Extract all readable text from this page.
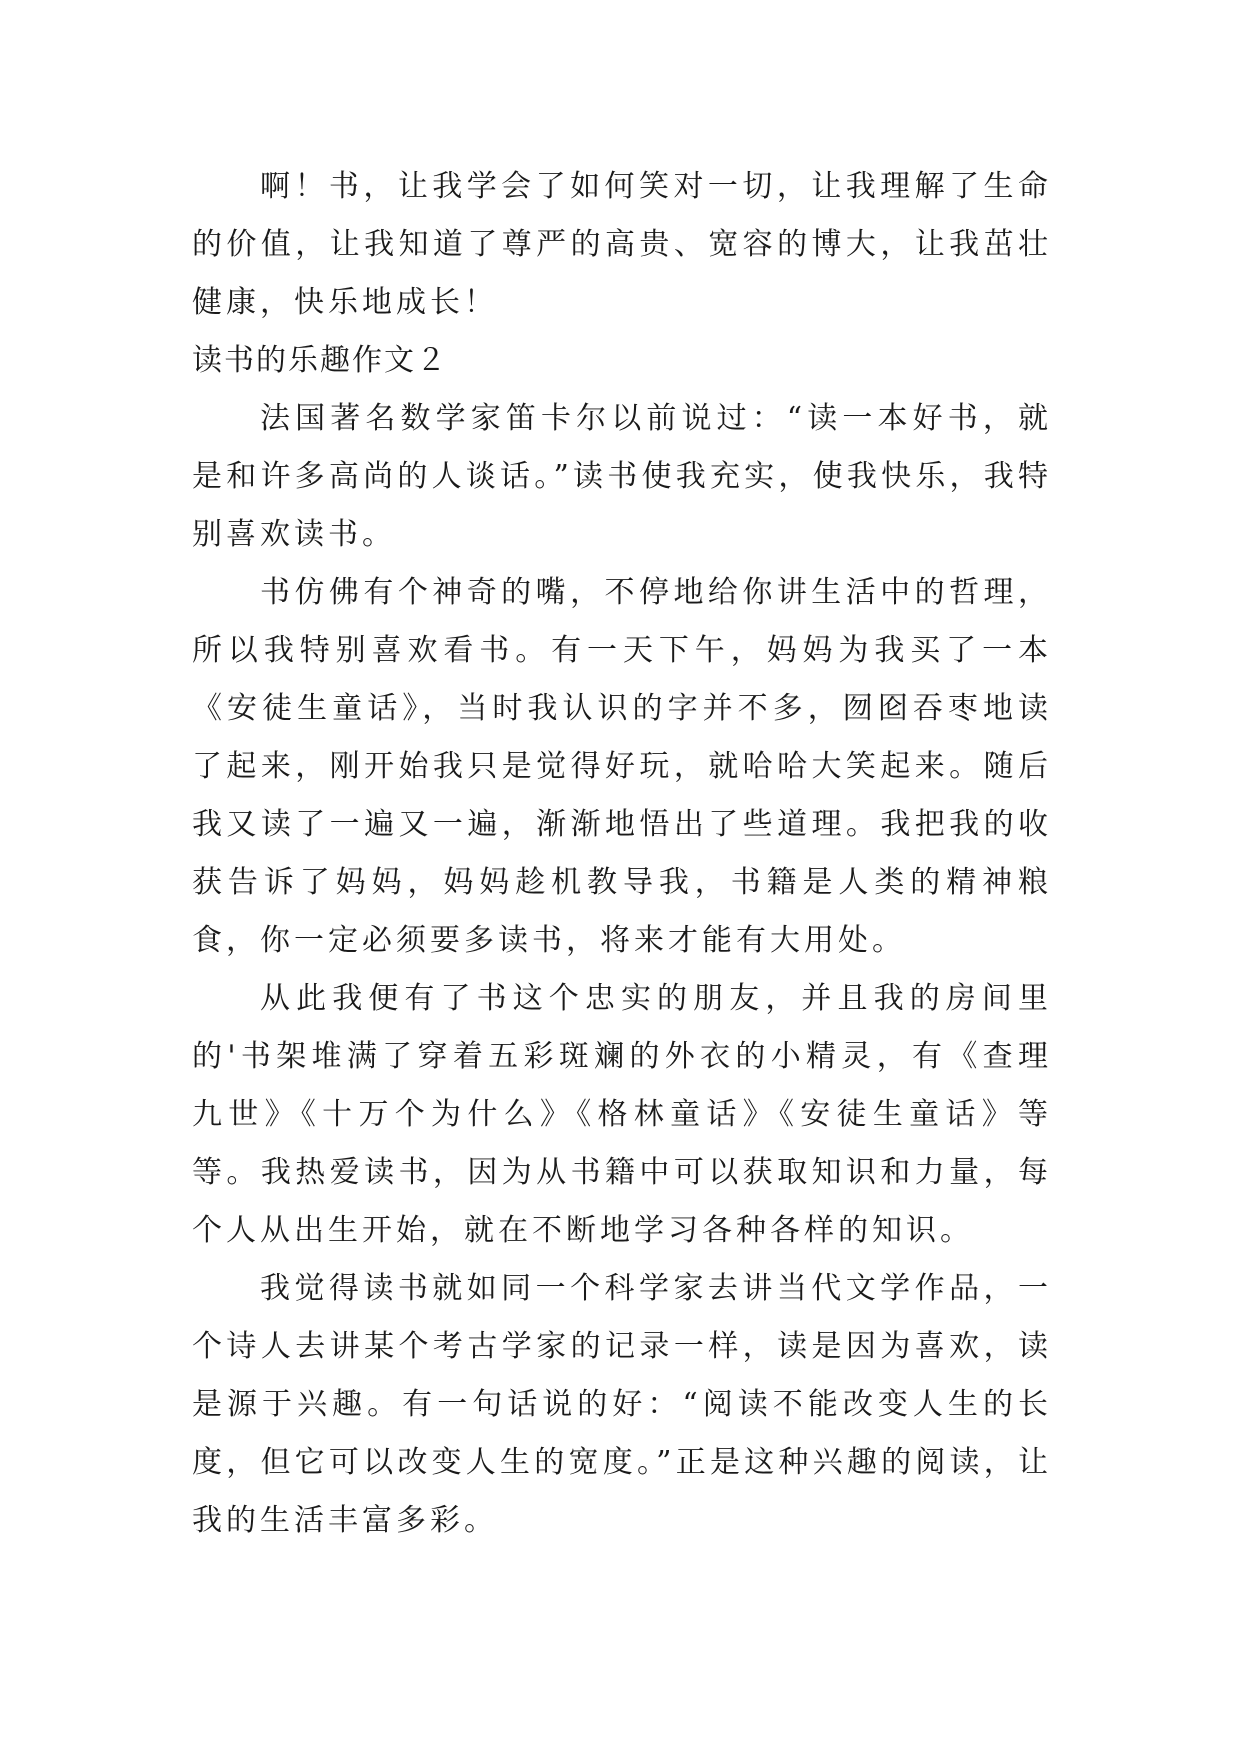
啊！书，让我学会了如何笑对一切，让我理解了生命的价值，让我知道了尊严的高贵、宽容的博大，让我茁壮健康，快乐地成长！

读书的乐趣作文２

法国著名数学家笛卡尔以前说过：“读一本好书，就是和许多高尚的人谈话。”读书使我充实，使我快乐，我特别喜欢读书。

书仿佛有个神奇的嘴，不停地给你讲生活中的哲理，所以我特别喜欢看书。有一天下午，妈妈为我买了一本《安徒生童话》，当时我认识的字并不多，囫囵吞枣地读了起来，刚开始我只是觉得好玩，就哈哈大笑起来。随后我又读了一遍又一遍，渐渐地悟出了些道理。我把我的收获告诉了妈妈，妈妈趁机教导我，书籍是人类的精神粮食，你一定必须要多读书，将来才能有大用处。

从此我便有了书这个忠实的朋友，并且我的房间里的'书架堆满了穿着五彩斑斓的外衣的小精灵，有《查理九世》《十万个为什么》《格林童话》《安徒生童话》等等。我热爱读书，因为从书籍中可以获取知识和力量，每个人从出生开始，就在不断地学习各种各样的知识。

我觉得读书就如同一个科学家去讲当代文学作品，一个诗人去讲某个考古学家的记录一样，读是因为喜欢，读是源于兴趣。有一句话说的好：“阅读不能改变人生的长度，但它可以改变人生的宽度。”正是这种兴趣的阅读，让我的生活丰富多彩。
